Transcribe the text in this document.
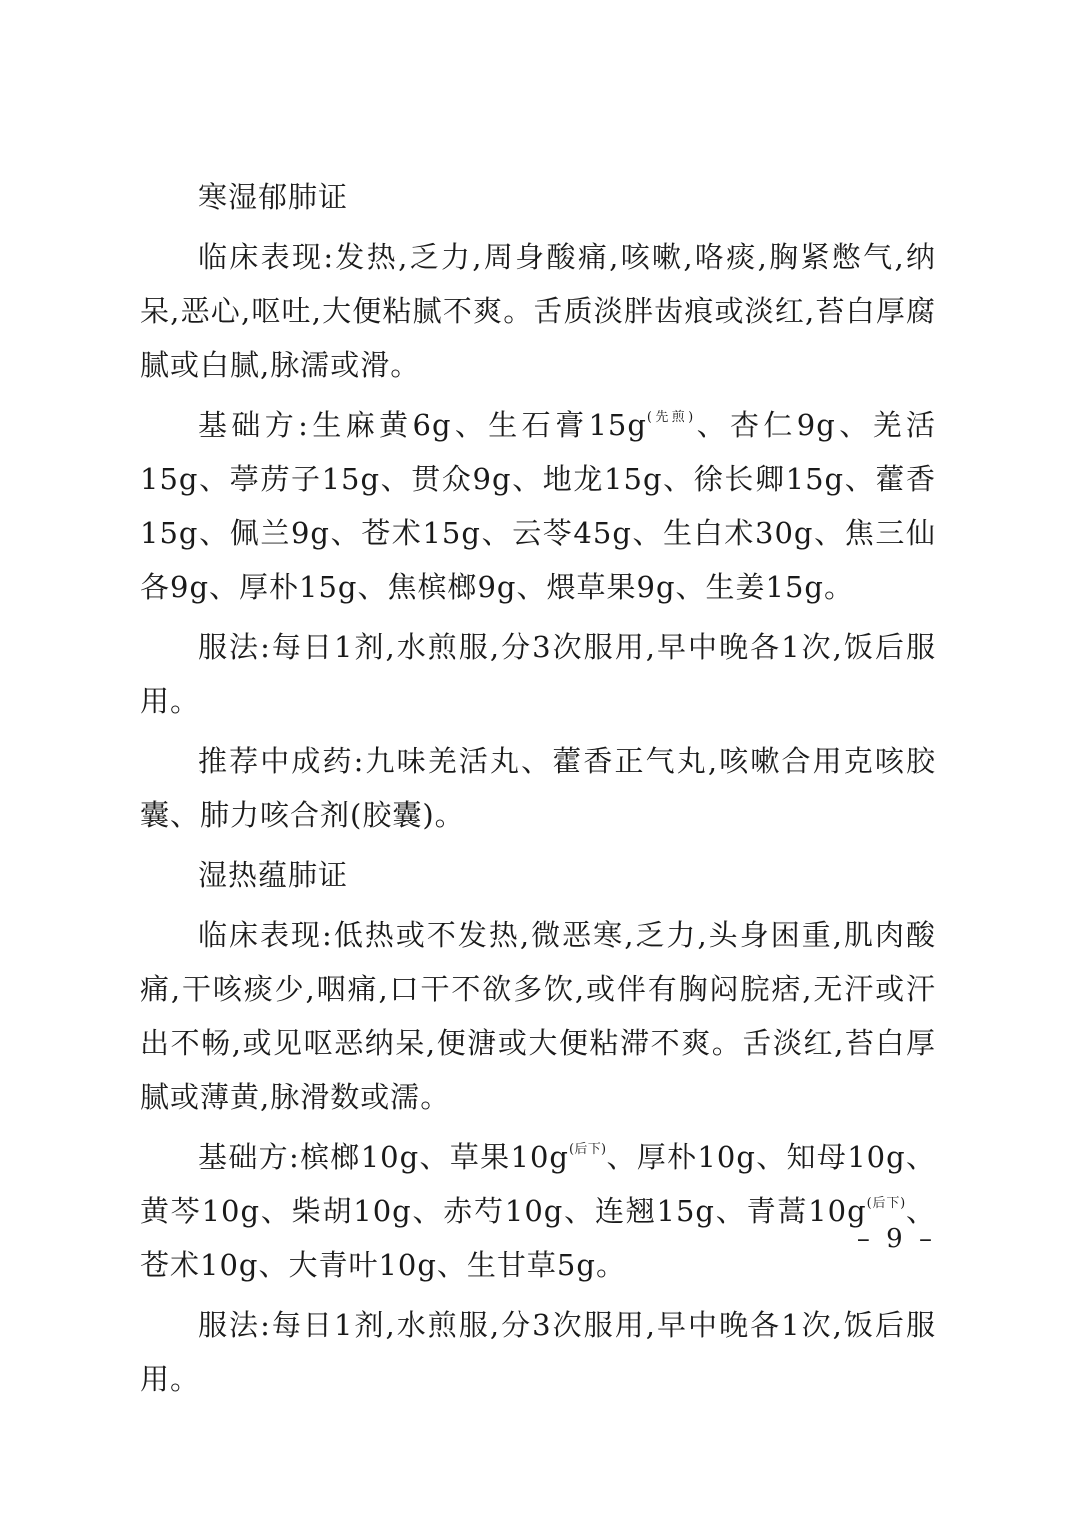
寒湿郁肺证

临床表现:发热,乏力,周身酸痛,咳嗽,咯痰,胸紧憋气,纳呆,恶心,呕吐,大便粘腻不爽。舌质淡胖齿痕或淡红,苔白厚腐腻或白腻,脉濡或滑。

基础方:生麻黄6g、生石膏$15g^{(先煎)}$、杏仁9g、羌活15g、葶苈子15g、贯众9g、地龙15g、徐长卿15g、藿香15g、佩兰9g、苍术15g、云苓45g、生白术30g、焦三仙各9g、厚朴15g、焦槟榔9g、煨草果9g、生姜15g。

服法:每日1剂,水煎服,分3次服用,早中晚各1次,饭后服用。

推荐中成药:九味羌活丸、藿香正气丸,咳嗽合用克咳胶囊、肺力咳合剂(胶囊)。

湿热蕴肺证

临床表现:低热或不发热,微恶寒,乏力,头身困重,肌肉酸痛,干咳痰少,咽痛,口干不欲多饮,或伴有胸闷脘痞,无汗或汗出不畅,或见呕恶纳呆,便溏或大便粘滞不爽。舌淡红,苔白厚腻或薄黄,脉滑数或濡。

基础方:槟榔10g、草果$10g^{(后下)}$、厚朴10g、知母10g、黄芩10g、柴胡10g、赤芍10g、连翘15g、青蒿$10g^{(后下)}$、苍术10g、大青叶10g、生甘草5g。

服法:每日1剂,水煎服,分3次服用,早中晚各1次,饭后服用。

– 9 –
